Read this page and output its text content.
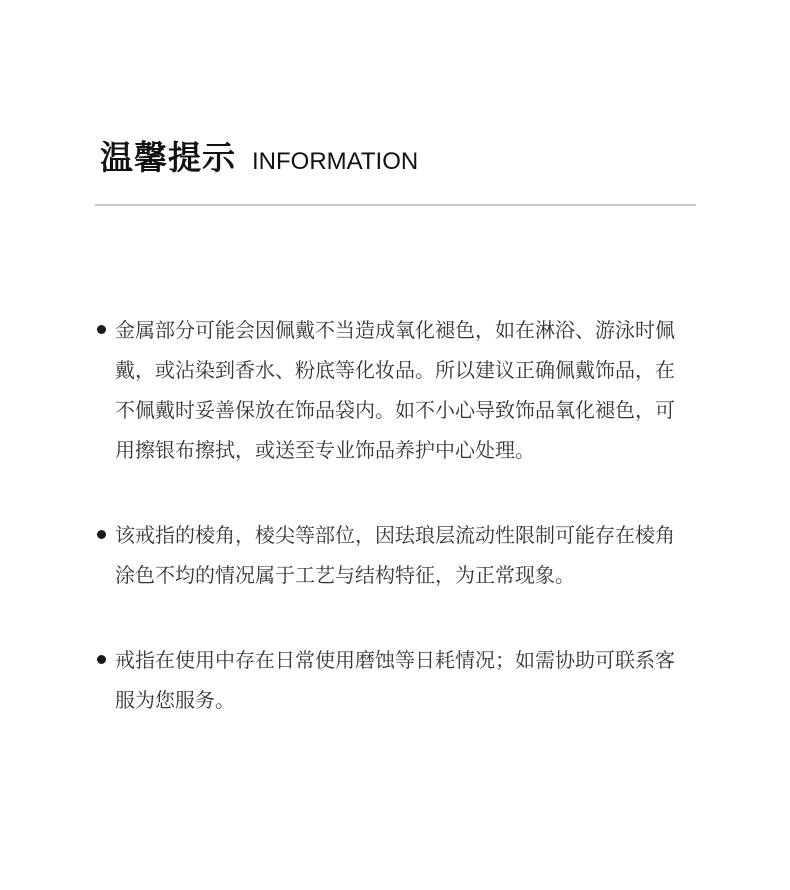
温馨提示 INFORMATION
金属部分可能会因佩戴不当造成氧化褪色，如在淋浴、游泳时佩戴，或沾染到香水、粉底等化妆品。所以建议正确佩戴饰品，在不佩戴时妥善保放在饰品袋内。如不小心导致饰品氧化褪色，可用擦银布擦拭，或送至专业饰品养护中心处理。
该戒指的棱角，棱尖等部位，因珐琅层流动性限制可能存在棱角涂色不均的情况属于工艺与结构特征，为正常现象。
戒指在使用中存在日常使用磨蚀等日耗情况；如需协助可联系客服为您服务。
